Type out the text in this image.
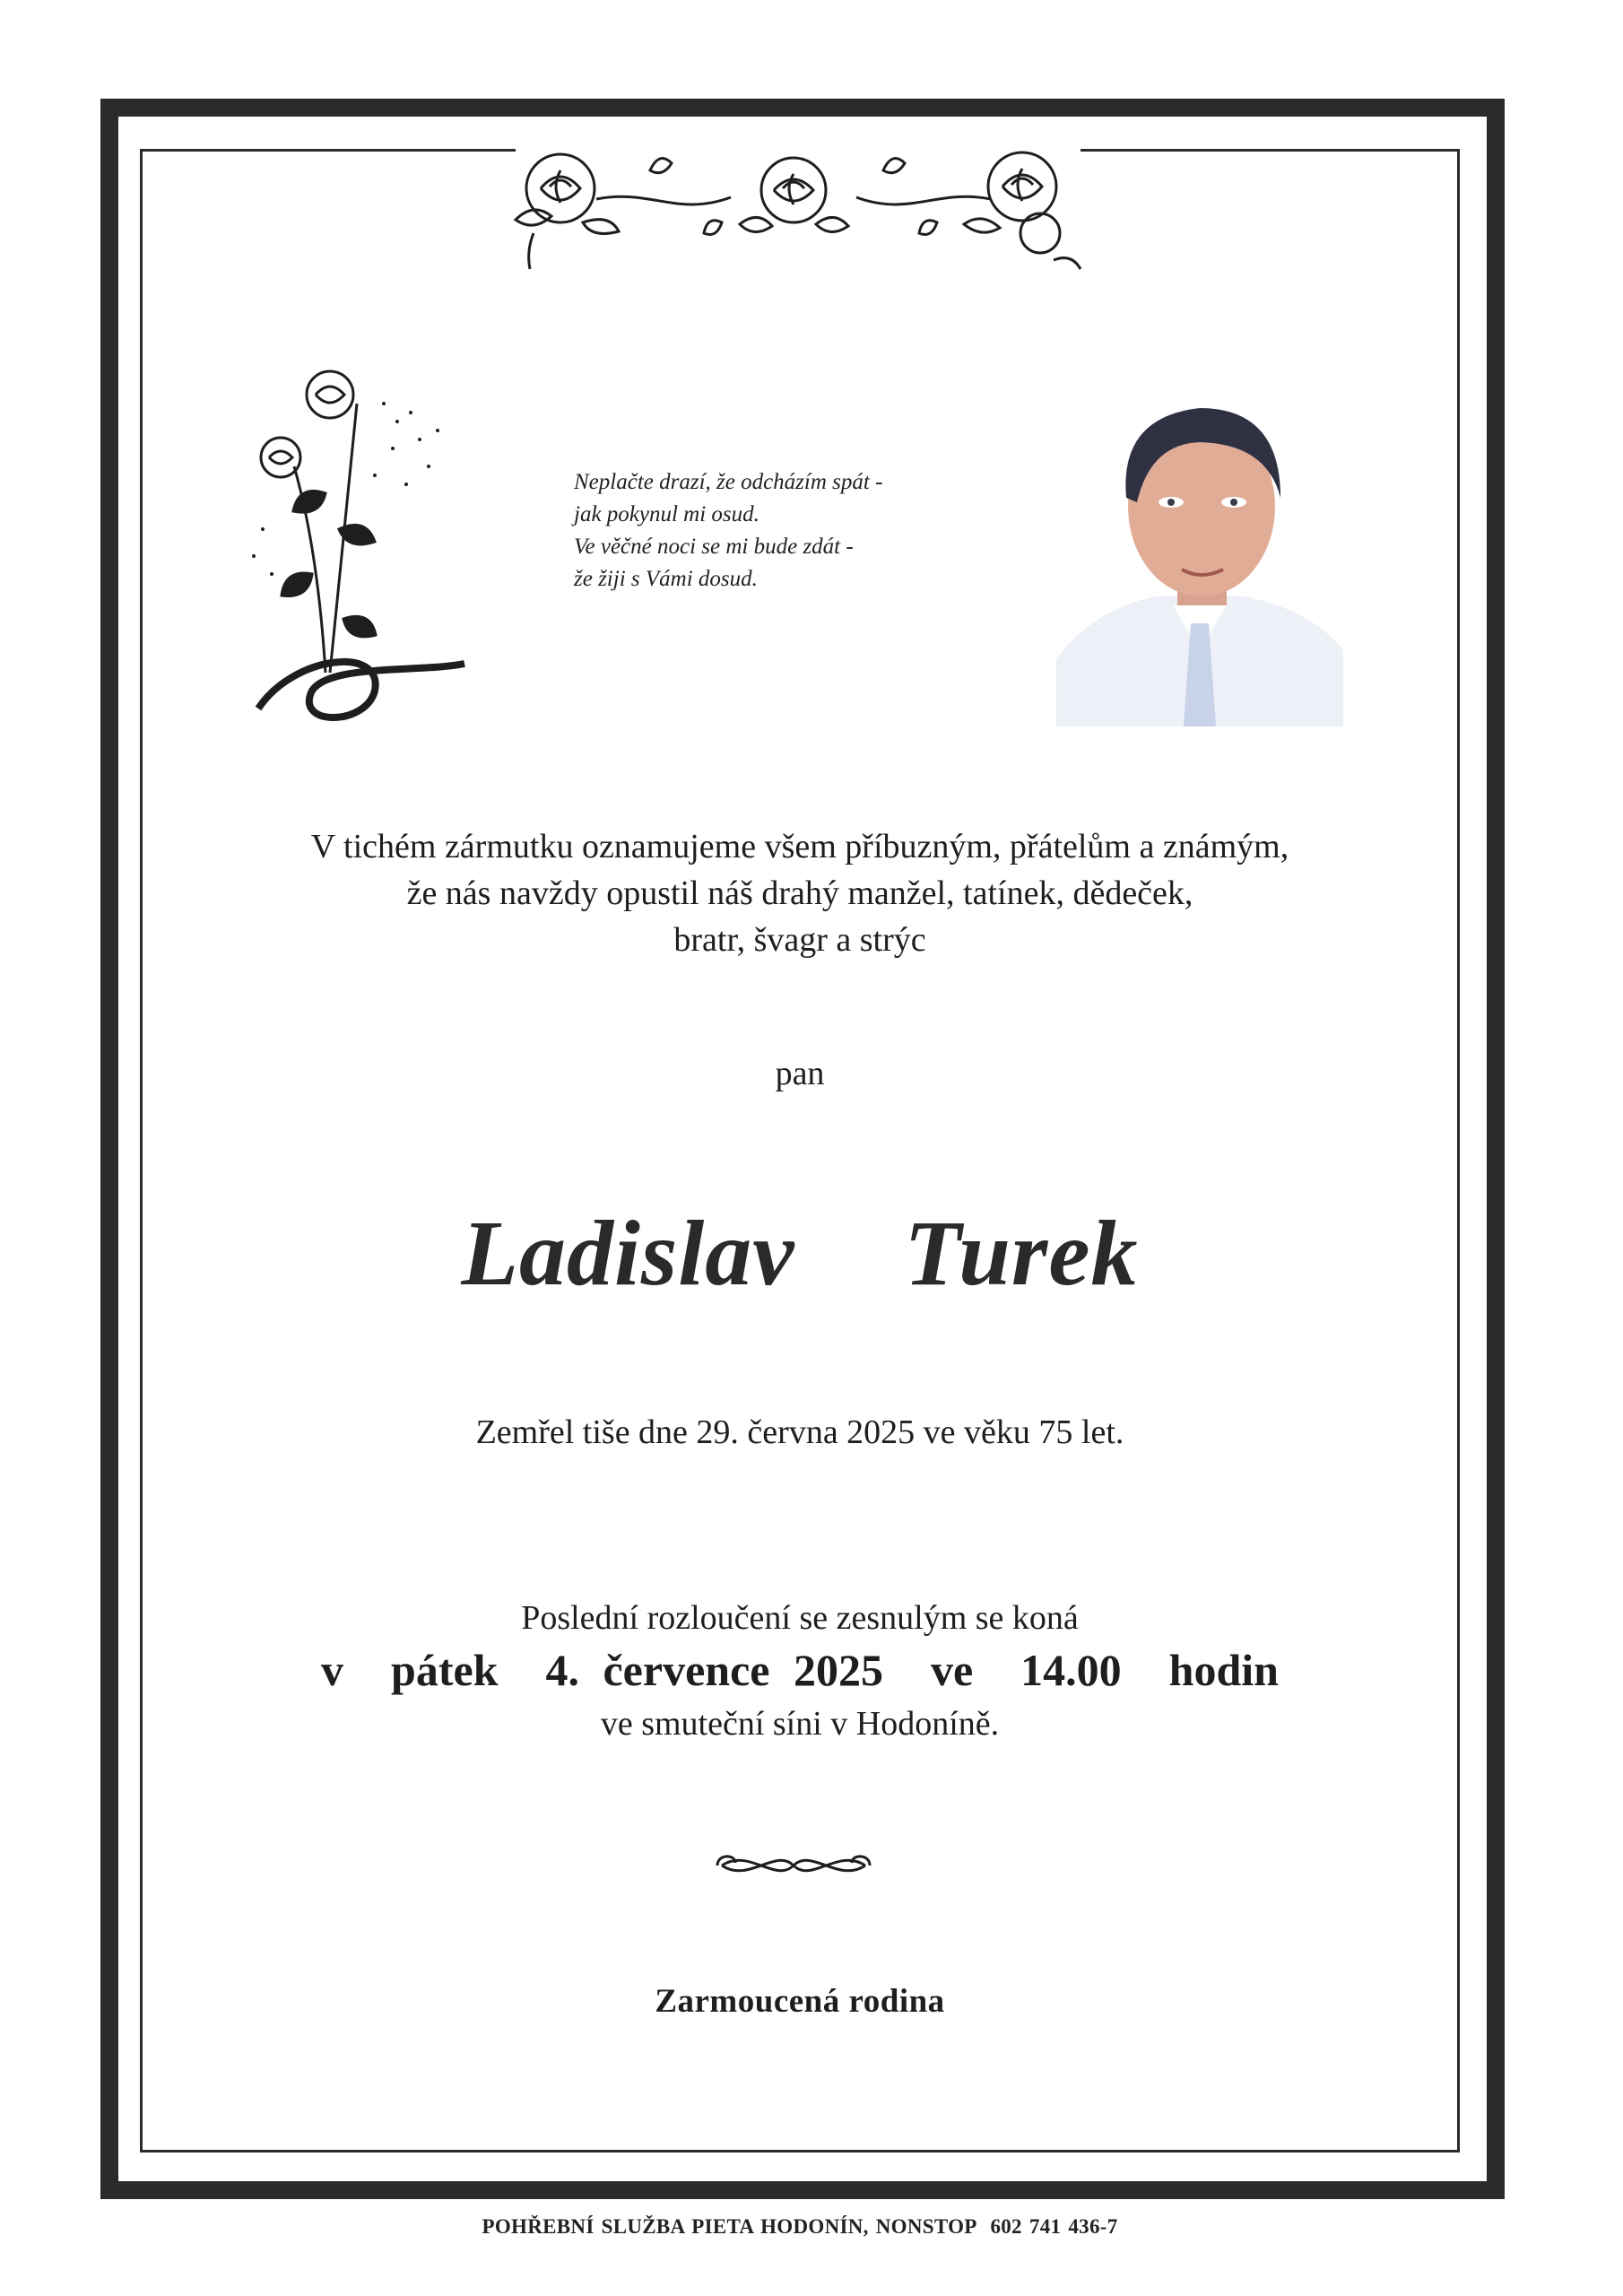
Neplačte drazí, že odcházím spát -
jak pokynul mi osud.
Ve věčné noci se mi bude zdát -
že žiji s Vámi dosud.
V tichém zármutku oznamujeme všem příbuzným, přátelům a známým,
že nás navždy opustil náš drahý manžel, tatínek, dědeček,
bratr, švagr a strýc
pan
Ladislav  Turek
Zemřel tiše dne 29. června 2025 ve věku 75 let.
Poslední rozloučení se zesnulým se koná
v  pátek  4. července 2025  ve  14.00  hodin
ve smuteční síni v Hodoníně.
Zarmoucená rodina
POHŘEBNÍ SLUŽBA PIETA HODONÍN, NONSTOP  602 741 436-7
